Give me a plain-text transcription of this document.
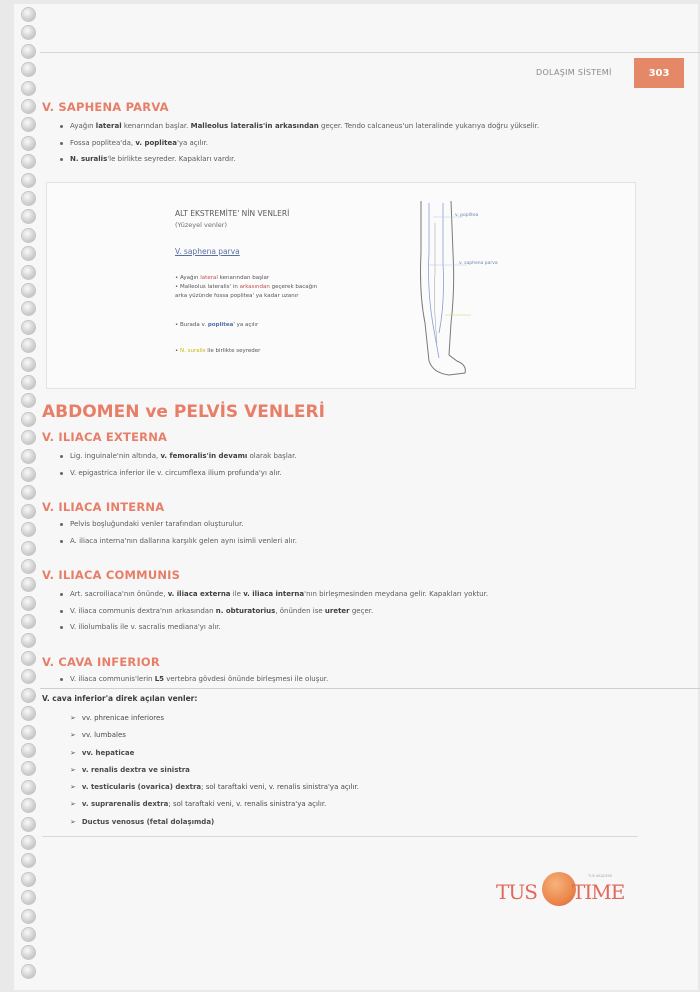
DOLAŞIM SİSTEMİ	303
V. SAPHENA PARVA
Ayağın lateral kenarından başlar. Malleolus lateralis'in arkasından geçer. Tendo calcaneus'un lateralinde yukarıya doğru yükselir.
Fossa poplitea'da, v. poplitea'ya açılır.
N. suralis'le birlikte seyreder. Kapakları vardır.
ALT EKSTREMİTE' NİN VENLERİ
(Yüzeyel venler)
V. saphena parva
• Ayağın lateral kenarından başlar
• Malleolus lateralis' in arkasından geçerek bacağın
arka yüzünde fossa poplitea' ya kadar uzanır
• Burada v. poplitea' ya açılır
• N. suralis ile birlikte seyreder
v. poplitea
v. saphena parva
ABDOMEN ve PELVİS VENLERİ
V. ILIACA EXTERNA
Lig. inguinale'nin altında, v. femoralis'in devamı olarak başlar.
V. epigastrica inferior ile v. circumflexa ilium profunda'yı alır.
V. ILIACA INTERNA
Pelvis boşluğundaki venler tarafından oluşturulur.
A. iliaca interna'nın dallarına karşılık gelen aynı isimli venleri alır.
V. ILIACA COMMUNIS
Art. sacroiliaca'nın önünde, v. iliaca externa ile v. iliaca interna'nın birleşmesinden meydana gelir. Kapakları yoktur.
V. iliaca communis dextra'nın arkasından n. obturatorius, önünden ise ureter geçer.
V. iliolumbalis ile v. sacralis mediana'yı alır.
V. CAVA INFERIOR
V. iliaca communis'lerin L5 vertebra gövdesi önünde birleşmesi ile oluşur.
V. cava inferior'a direk açılan venler:
➢ vv. phrenicae inferiores
➢ vv. lumbales
➢ vv. hepaticae
➢ v. renalis dextra ve sinistra
➢ v. testicularis (ovarica) dextra; sol taraftaki veni, v. renalis sinistra'ya açılır.
➢ v. suprarenalis dextra; sol taraftaki veni, v. renalis sinistra'ya açılır.
➢ Ductus venosus (fetal dolaşımda)
TUS TIME
TUS AKADEMİ
